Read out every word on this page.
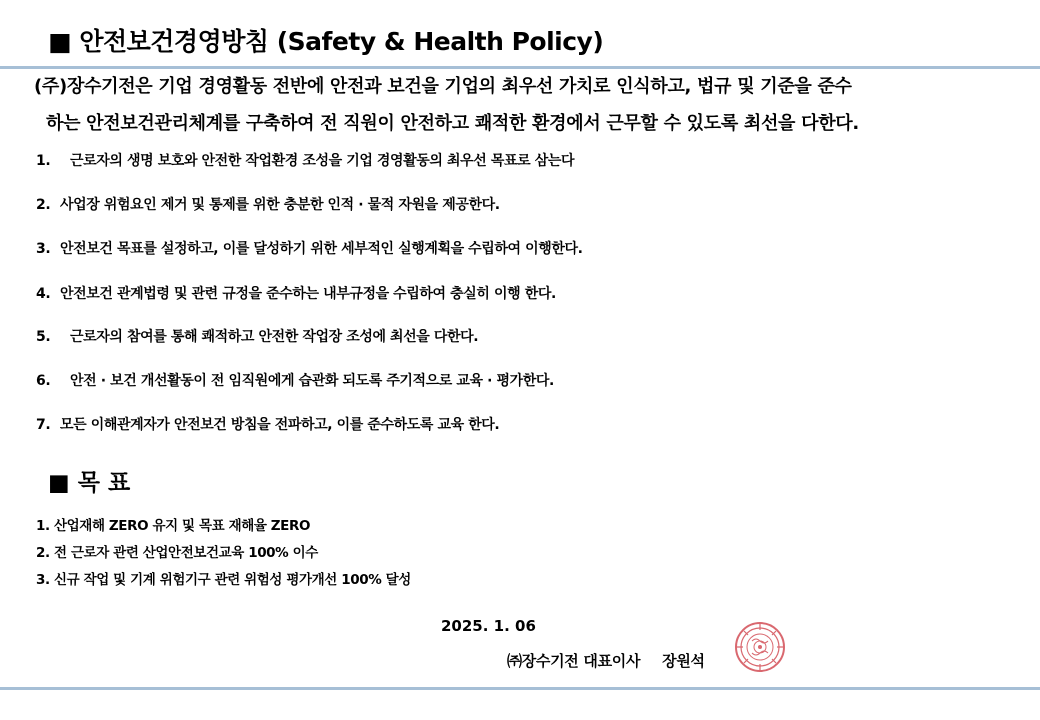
■ 안전보건경영방침 (Safety & Health Policy)
(주)장수기전은 기업 경영활동 전반에 안전과 보건을 기업의 최우선 가치로 인식하고, 법규 및 기준을 준수
하는 안전보건관리체계를 구축하여 전 직원이 안전하고 쾌적한 환경에서 근무할 수 있도록 최선을 다한다.
1. 근로자의 생명 보호와 안전한 작업환경 조성을 기업 경영활동의 최우선 목표로 삼는다
2. 사업장 위험요인 제거 및 통제를 위한 충분한 인적 · 물적 자원을 제공한다.
3. 안전보건 목표를 설정하고, 이를 달성하기 위한 세부적인 실행계획을 수립하여 이행한다.
4. 안전보건 관계법령 및 관련 규정을 준수하는 내부규정을 수립하여 충실히 이행 한다.
5. 근로자의 참여를 통해 쾌적하고 안전한 작업장 조성에 최선을 다한다.
6. 안전 · 보건 개선활동이 전 임직원에게 습관화 되도록 주기적으로 교육 · 평가한다.
7. 모든 이해관계자가 안전보건 방침을 전파하고, 이를 준수하도록 교육 한다.
■ 목 표
1. 산업재해 ZERO 유지 및 목표 재해율 ZERO
2. 전 근로자 관련 산업안전보건교육 100% 이수
3. 신규 작업 및 기계 위험기구 관련 위험성 평가개선 100% 달성
2025. 1. 06
㈜장수기전 대표이사 장원석
